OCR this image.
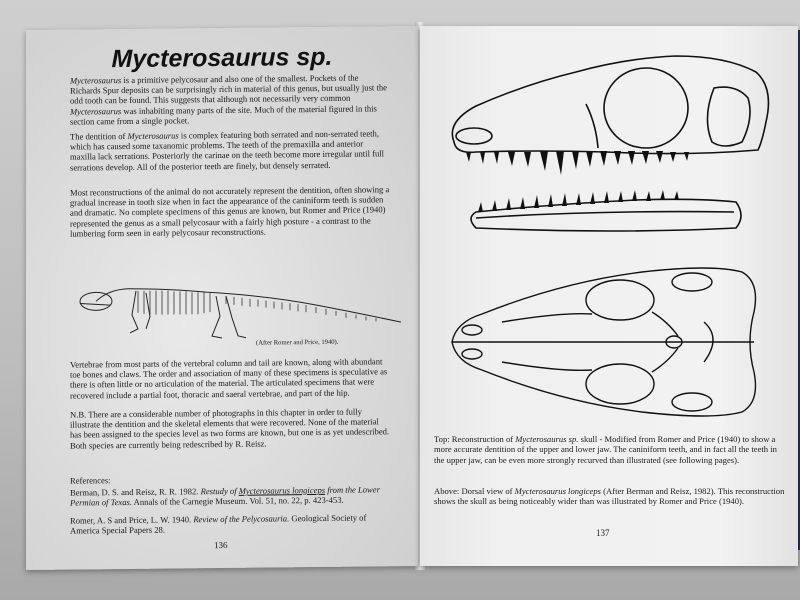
Mycterosaurus sp.

Mycterosaurus is a primitive pelycosaur and also one of the smallest. Pockets of the Richards Spur deposits can be surprisingly rich in material of this genus, but usually just the odd tooth can be found. This suggests that although not necessarily very common Mycterosaurus was inhabiting many parts of the site. Much of the material figured in this section came from a single pocket.

The dentition of Mycterosaurus is complex featuring both serrated and non-serrated teeth, which has caused some taxanomic problems. The teeth of the premaxilla and anterior maxilla lack serrations. Posteriorly the carinae on the teeth become more irregular until full serrations develop. All of the posterior teeth are finely, but densely serrated.

Most reconstructions of the animal do not accurately represent the dentition, often showing a gradual increase in tooth size when in fact the appearance of the caniniform teeth is sudden and dramatic. No complete specimens of this genus are known, but Romer and Price (1940) represented the genus as a small pelycosaur with a fairly high posture - a contrast to the lumbering form seen in early pelycosaur reconstructions.

(After Romer and Price, 1940).

Vertebrae from most parts of the vertebral column and tail are known, along with abundant toe bones and claws. The order and association of many of these specimens is speculative as there is often little or no articulation of the material. The articulated specimens that were recovered include a partial foot, thoracic and saeral vertebrae, and part of the hip.

N.B. There are a considerable number of photographs in this chapter in order to fully illustrate the dentition and the skeletal elements that were recovered. None of the material has been assigned to the species level as two forms are known, but one is as yet undescribed. Both species are currently being redescribed by R. Reisz.

References:

Berman, D. S. and Reisz, R. R. 1982. Restudy of Mycterosaurus longiceps from the Lower Permian of Texas. Annals of the Carnegie Museum. Vol. 51, no. 22, p. 423-453.

Romer, A. S and Price, L. W. 1940. Review of the Pelycosauria. Geological Society of America Special Papers 28.

136

Top: Reconstruction of Mycterosaurus sp. skull - Modified from Romer and Price (1940) to show a more accurate dentition of the upper and lower jaw. The caniniform teeth, and in fact all the teeth in the upper jaw, can be even more strongly recurved than illustrated (see following pages).

Above: Dorsal view of Mycterosaurus longiceps (After Berman and Reisz, 1982). This reconstruction shows the skull as being noticeably wider than was illustrated by Romer and Price (1940).

137
